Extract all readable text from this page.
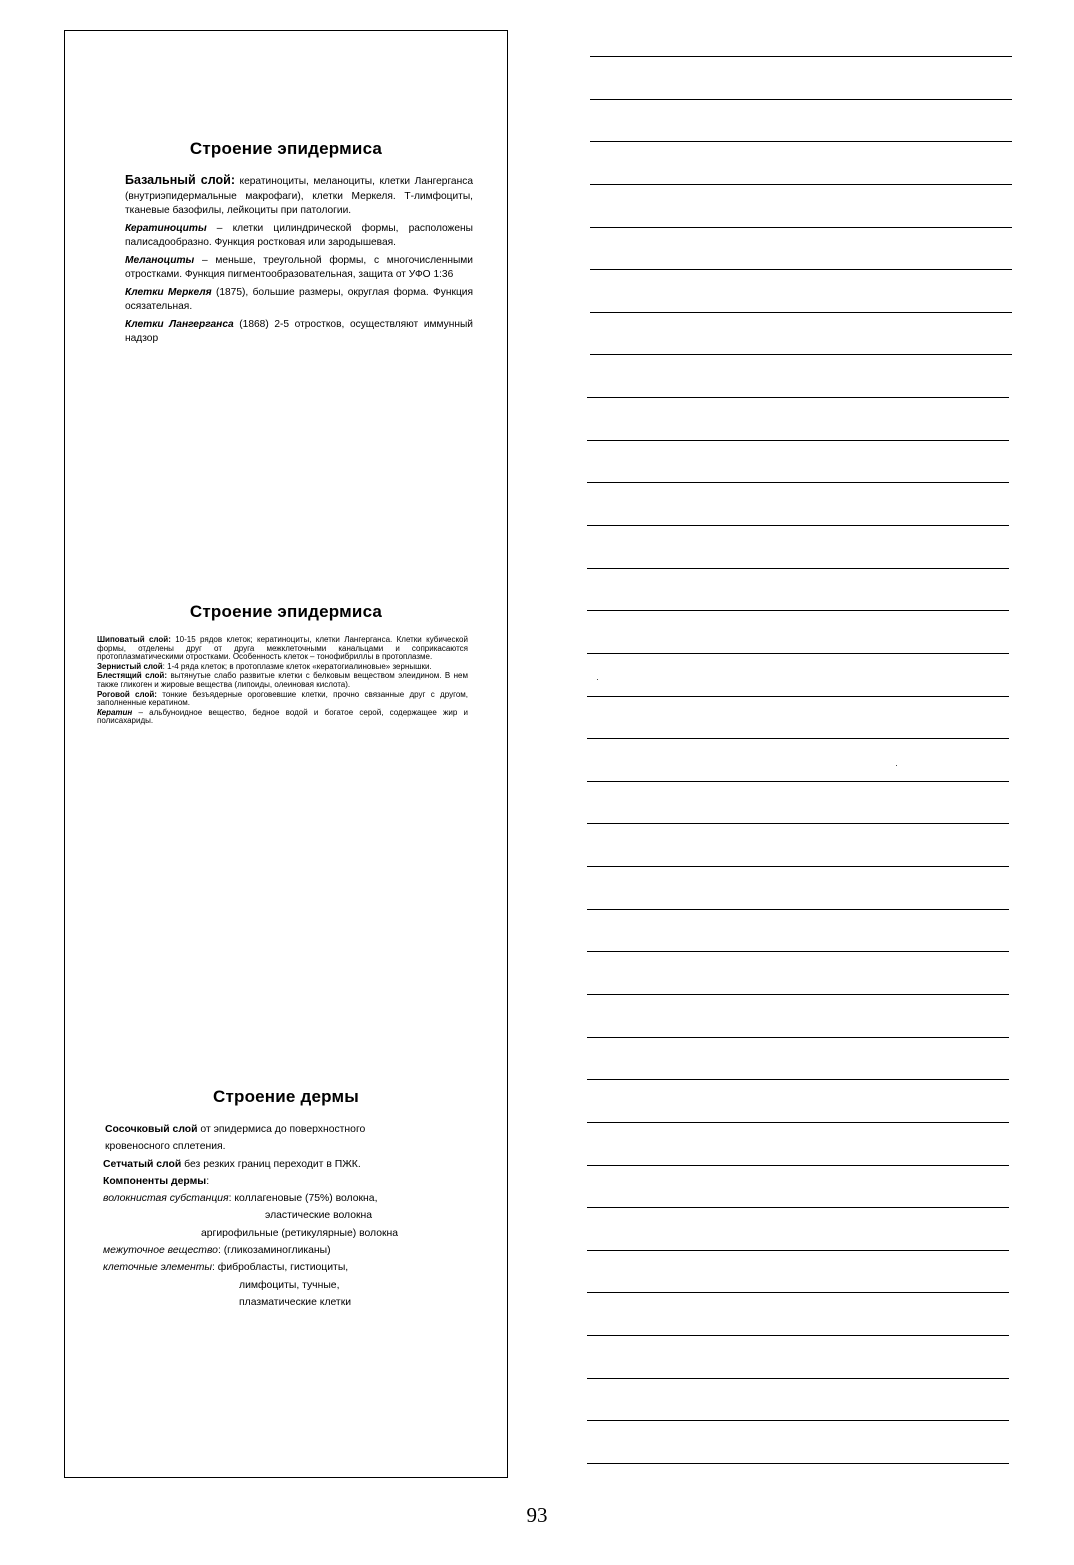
Строение эпидермиса

Базальный слой: кератиноциты, меланоциты, клетки Лангерганса (внутриэпидермальные макрофаги), клетки Меркеля. Т-лимфоциты, тканевые базофилы, лейкоциты при патологии.

Кератиноциты – клетки цилиндрической формы, расположены палисадообразно. Функция ростковая или зародышевая.

Меланоциты – меньше, треугольной формы, с многочисленными отростками. Функция пигментообразовательная, защита от УФО 1:36

Клетки Меркеля (1875), большие размеры, округлая форма. Функция осязательная.

Клетки Лангерганса (1868) 2-5 отростков, осуществляют иммунный надзор

Строение эпидермиса

Шиповатый слой: 10-15 рядов клеток; кератиноциты, клетки Лангерганса. Клетки кубической формы, отделены друг от друга межклеточными канальцами и соприкасаются протоплазматическими отростками. Особенность клеток – тонофибриллы в протоплазме.

Зернистый слой: 1-4 ряда клеток; в протоплазме клеток «кератогиалиновые» зернышки.

Блестящий слой: вытянутые слабо развитые клетки с белковым веществом элеидином. В нем также гликоген и жировые вещества (липоиды, олеиновая кислота).

Роговой слой: тонкие безъядерные ороговевшие клетки, прочно связанные друг с другом, заполненные кератином.

Кератин – альбуноидное вещество, бедное водой и богатое серой, содержащее жир и полисахариды.

Строение дермы

Сосочковый слой от эпидермиса до поверхностного

кровеносного сплетения.

Сетчатый слой без резких границ переходит в ПЖК.

Компоненты дермы:

волокнистая субстанция: коллагеновые (75%) волокна,

эластические волокна

аргирофильные (ретикулярные) волокна

межуточное вещество: (гликозаминогликаны)

клеточные элементы: фибробласты, гистиоциты,

лимфоциты, тучные,

плазматические клетки

93
